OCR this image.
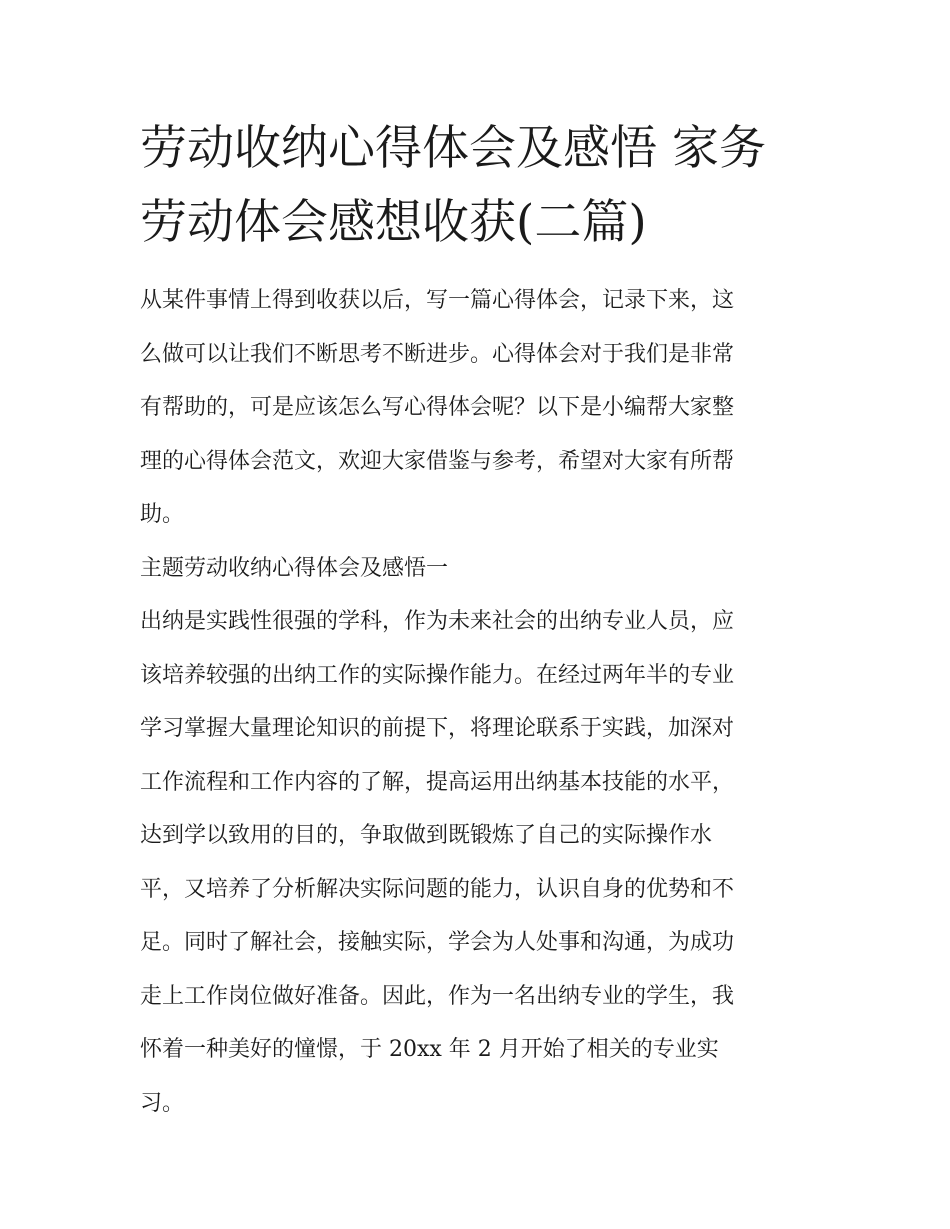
劳动收纳心得体会及感悟 家务
劳动体会感想收获(二篇)
从某件事情上得到收获以后，写一篇心得体会，记录下来，这
么做可以让我们不断思考不断进步。心得体会对于我们是非常
有帮助的，可是应该怎么写心得体会呢？以下是小编帮大家整
理的心得体会范文，欢迎大家借鉴与参考，希望对大家有所帮
助。
主题劳动收纳心得体会及感悟一
出纳是实践性很强的学科，作为未来社会的出纳专业人员，应
该培养较强的出纳工作的实际操作能力。在经过两年半的专业
学习掌握大量理论知识的前提下，将理论联系于实践，加深对
工作流程和工作内容的了解，提高运用出纳基本技能的水平，
达到学以致用的目的，争取做到既锻炼了自己的实际操作水
平，又培养了分析解决实际问题的能力，认识自身的优势和不
足。同时了解社会，接触实际，学会为人处事和沟通，为成功
走上工作岗位做好准备。因此，作为一名出纳专业的学生，我
怀着一种美好的憧憬，于 20xx 年 2 月开始了相关的专业实
习。
